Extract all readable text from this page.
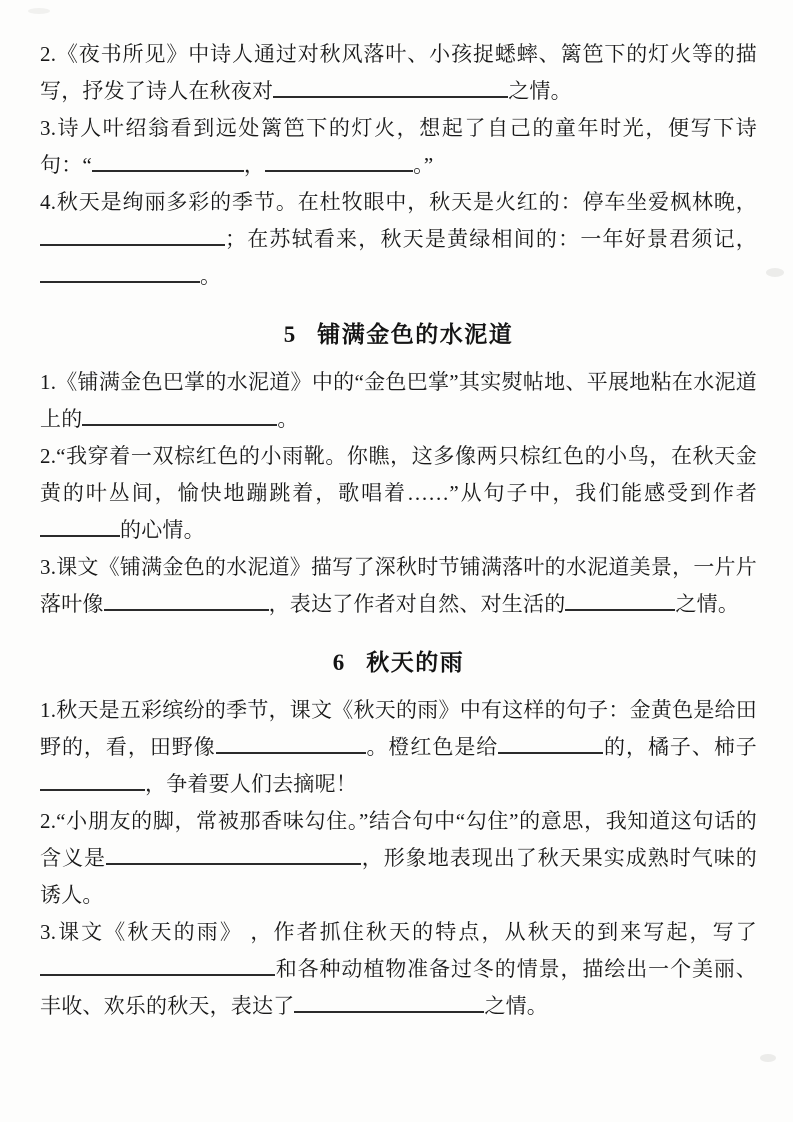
2.《夜书所见》中诗人通过对秋风落叶、小孩捉蟋蟀、篱笆下的灯火等的描写，抒发了诗人在秋夜对	之情。

3.诗人叶绍翁看到远处篱笆下的灯火，想起了自己的童年时光，便写下诗句：“	，	。”

4.秋天是绚丽多彩的季节。在杜牧眼中，秋天是火红的：停车坐爱枫林晚，；在苏轼看来，秋天是黄绿相间的：一年好景君须记，。

5 铺满金色的水泥道

1.《铺满金色巴掌的水泥道》中的“金色巴掌”其实熨帖地、平展地粘在水泥道上的	。

2.“我穿着一双棕红色的小雨靴。你瞧，这多像两只棕红色的小鸟，在秋天金黄的叶丛间，愉快地蹦跳着，歌唱着……”从句子中，我们能感受到作者的心情。

3.课文《铺满金色的水泥道》描写了深秋时节铺满落叶的水泥道美景，一片片落叶像	，表达了作者对自然、对生活的	之情。

6 秋天的雨

1.秋天是五彩缤纷的季节，课文《秋天的雨》中有这样的句子：金黄色是给田野的，看，田野像	。橙红色是给	的，橘子、柿子，争着要人们去摘呢！

2.“小朋友的脚，常被那香味勾住。”结合句中“勾住”的意思，我知道这句话的含义是	，形象地表现出了秋天果实成熟时气味的诱人。

3.课文《秋天的雨》 ，作者抓住秋天的特点，从秋天的到来写起，写了和各种动植物准备过冬的情景，描绘出一个美丽、丰收、欢乐的秋天，表达了	之情。
